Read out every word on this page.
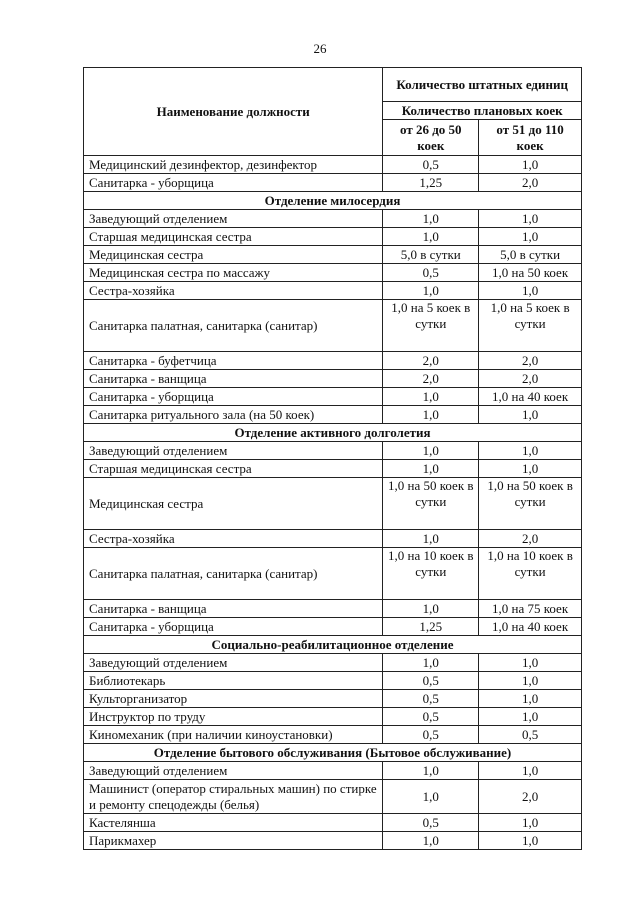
26
Наименование должности	Количество штатных единиц	
	Количество плановых коек	
	от 26 до 50 коек	от 51 до 110 коек
Медицинский дезинфектор, дезинфектор	0,5	1,0
Санитарка - уборщица	1,25	2,0
Отделение милосердия		
Заведующий отделением	1,0	1,0
Старшая медицинская сестра	1,0	1,0
Медицинская сестра	5,0 в сутки	5,0 в сутки
Медицинская сестра по массажу	0,5	1,0 на 50 коек
Сестра-хозяйка	1,0	1,0
Санитарка палатная, санитарка (санитар)	1,0 на 5 коек в сутки	1,0 на 5 коек в сутки
Санитарка - буфетчица	2,0	2,0
Санитарка - ванщица	2,0	2,0
Санитарка - уборщица	1,0	1,0 на 40 коек
Санитарка ритуального зала (на 50 коек)	1,0	1,0
Отделение активного долголетия		
Заведующий отделением	1,0	1,0
Старшая медицинская сестра	1,0	1,0
Медицинская сестра	1,0 на 50 коек в сутки	1,0 на 50 коек в сутки
Сестра-хозяйка	1,0	2,0
Санитарка палатная, санитарка (санитар)	1,0 на 10 коек в сутки	1,0 на 10 коек в сутки
Санитарка - ванщица	1,0	1,0 на 75 коек
Санитарка - уборщица	1,25	1,0 на 40 коек
Социально-реабилитационное отделение		
Заведующий отделением	1,0	1,0
Библиотекарь	0,5	1,0
Культорганизатор	0,5	1,0
Инструктор по труду	0,5	1,0
Киномеханик (при наличии киноустановки)	0,5	0,5
Отделение бытового обслуживания (Бытовое обслуживание)		
Заведующий отделением	1,0	1,0
Машинист (оператор стиральных машин) по стирке и ремонту спецодежды (белья)	1,0	2,0
Кастелянша	0,5	1,0
Парикмахер	1,0	1,0
